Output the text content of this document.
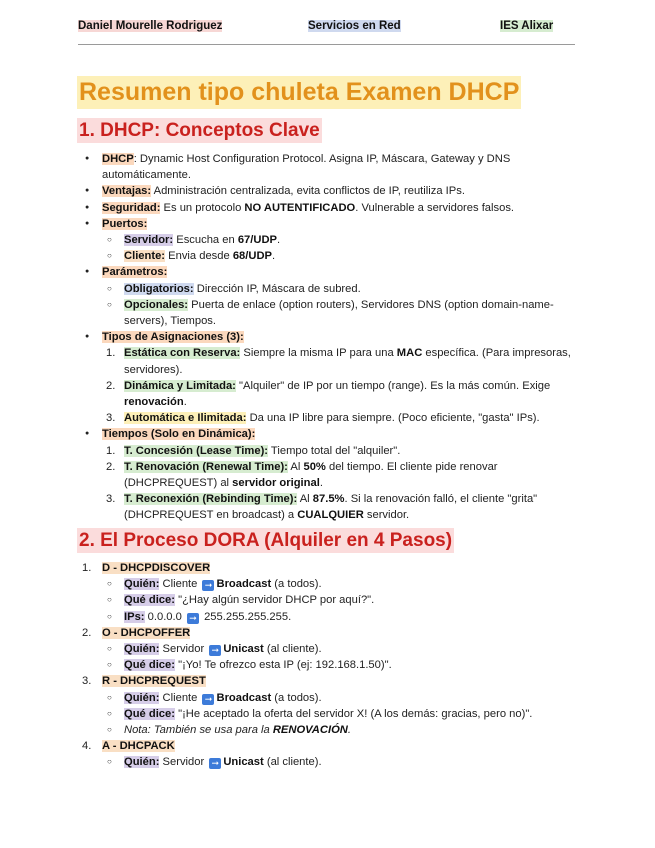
Daniel Mourelle Rodriguez	Servicios en Red	IES Alixar
Resumen tipo chuleta Examen DHCP
1. DHCP: Conceptos Clave
●
DHCP: Dynamic Host Configuration Protocol. Asigna IP, Máscara, Gateway y DNS automáticamente.
●
Ventajas: Administración centralizada, evita conflictos de IP, reutiliza IPs.
●
Seguridad: Es un protocolo NO AUTENTIFICADO. Vulnerable a servidores falsos.
●
Puertos:
○
Servidor: Escucha en 67/UDP.
○
Cliente: Envia desde 68/UDP.
●
Parámetros:
○
Obligatorios: Dirección IP, Máscara de subred.
○
Opcionales: Puerta de enlace (option routers), Servidores DNS (option domain-name-servers), Tiempos.
●
Tipos de Asignaciones (3):
1. Estática con Reserva: Siempre la misma IP para una MAC específica. (Para impresoras, servidores).
2. Dinámica y Limitada: "Alquiler" de IP por un tiempo (range). Es la más común. Exige renovación.
3. Automática e Ilimitada: Da una IP libre para siempre. (Poco eficiente, "gasta" IPs).
●
Tiempos (Solo en Dinámica):
1. T. Concesión (Lease Time): Tiempo total del "alquiler".
2. T. Renovación (Renewal Time): Al 50% del tiempo. El cliente pide renovar (DHCPREQUEST) al servidor original.
3. T. Reconexión (Rebinding Time): Al 87.5%. Si la renovación falló, el cliente "grita" (DHCPREQUEST en broadcast) a CUALQUIER servidor.
2. El Proceso DORA (Alquiler en 4 Pasos)
1. D - DHCPDISCOVER
○
Quién: Cliente ➞ Broadcast (a todos).
○
Qué dice: "¿Hay algún servidor DHCP por aquí?".
○
IPs: 0.0.0.0 ➞ 255.255.255.255.
2. O - DHCPOFFER
○
Quién: Servidor ➞ Unicast (al cliente).
○
Qué dice: "¡Yo! Te ofrezco esta IP (ej: 192.168.1.50)".
3. R - DHCPREQUEST
○
Quién: Cliente ➞ Broadcast (a todos).
○
Qué dice: "¡He aceptado la oferta del servidor X! (A los demás: gracias, pero no)".
○
Nota: También se usa para la RENOVACIÓN.
4. A - DHCPACK
○
Quién: Servidor ➞ Unicast (al cliente).
